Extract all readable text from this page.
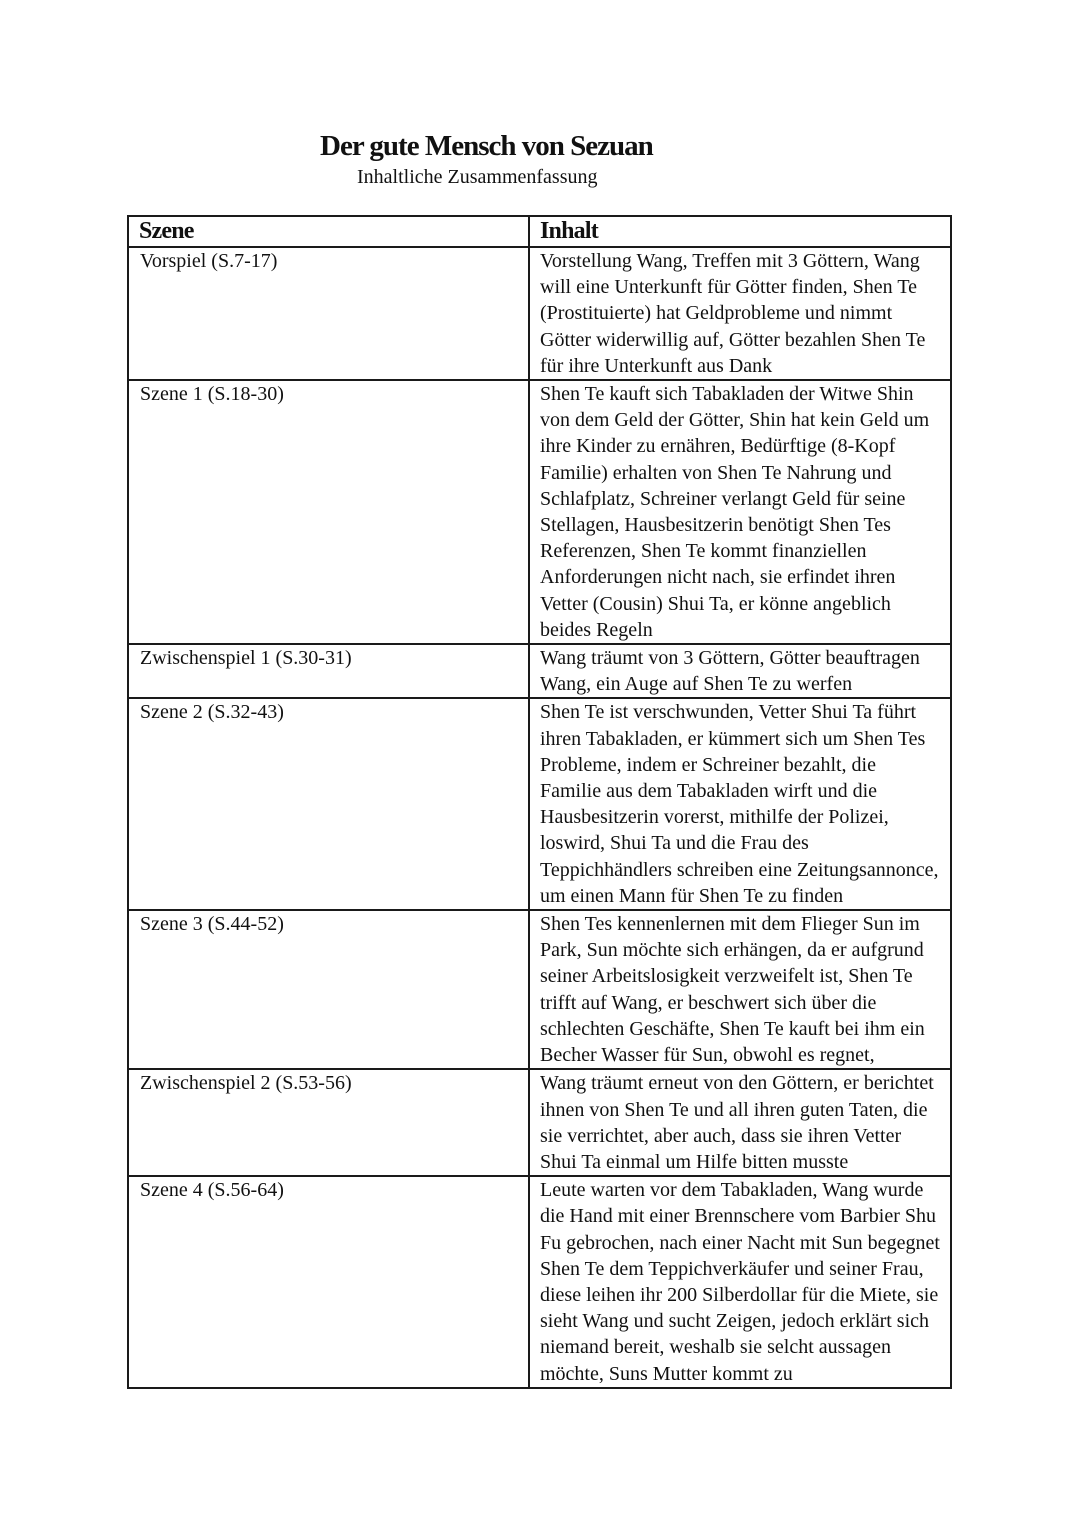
Der gute Mensch von Sezuan
Inhaltliche Zusammenfassung
Szene	Inhalt
Vorspiel (S.7-17)	Vorstellung Wang, Treffen mit 3 Göttern, Wang will eine Unterkunft für Götter finden, Shen Te (Prostituierte) hat Geldprobleme und nimmt Götter widerwillig auf, Götter bezahlen Shen Te für ihre Unterkunft aus Dank
Szene 1 (S.18-30)	Shen Te kauft sich Tabakladen der Witwe Shin von dem Geld der Götter, Shin hat kein Geld um ihre Kinder zu ernähren, Bedürftige (8-Kopf Familie) erhalten von Shen Te Nahrung und Schlafplatz, Schreiner verlangt Geld für seine Stellagen, Hausbesitzerin benötigt Shen Tes Referenzen, Shen Te kommt finanziellen Anforderungen nicht nach, sie erfindet ihren Vetter (Cousin) Shui Ta, er könne angeblich beides Regeln
Zwischenspiel 1 (S.30-31)	Wang träumt von 3 Göttern, Götter beauftragen Wang, ein Auge auf Shen Te zu werfen
Szene 2 (S.32-43)	Shen Te ist verschwunden, Vetter Shui Ta führt ihren Tabakladen, er kümmert sich um Shen Tes Probleme, indem er Schreiner bezahlt, die Familie aus dem Tabakladen wirft und die Hausbesitzerin vorerst, mithilfe der Polizei, loswird, Shui Ta und die Frau des Teppichhändlers schreiben eine Zeitungsannonce, um einen Mann für Shen Te zu finden
Szene 3 (S.44-52)	Shen Tes kennenlernen mit dem Flieger Sun im Park, Sun möchte sich erhängen, da er aufgrund seiner Arbeitslosigkeit verzweifelt ist, Shen Te trifft auf Wang, er beschwert sich über die schlechten Geschäfte, Shen Te kauft bei ihm ein Becher Wasser für Sun, obwohl es regnet,
Zwischenspiel 2 (S.53-56)	Wang träumt erneut von den Göttern, er berichtet ihnen von Shen Te und all ihren guten Taten, die sie verrichtet, aber auch, dass sie ihren Vetter Shui Ta einmal um Hilfe bitten musste
Szene 4 (S.56-64)	Leute warten vor dem Tabakladen, Wang wurde die Hand mit einer Brennschere vom Barbier Shu Fu gebrochen, nach einer Nacht mit Sun begegnet Shen Te dem Teppichverkäufer und seiner Frau, diese leihen ihr 200 Silberdollar für die Miete, sie sieht Wang und sucht Zeigen, jedoch erklärt sich niemand bereit, weshalb sie selcht aussagen möchte, Suns Mutter kommt zu
